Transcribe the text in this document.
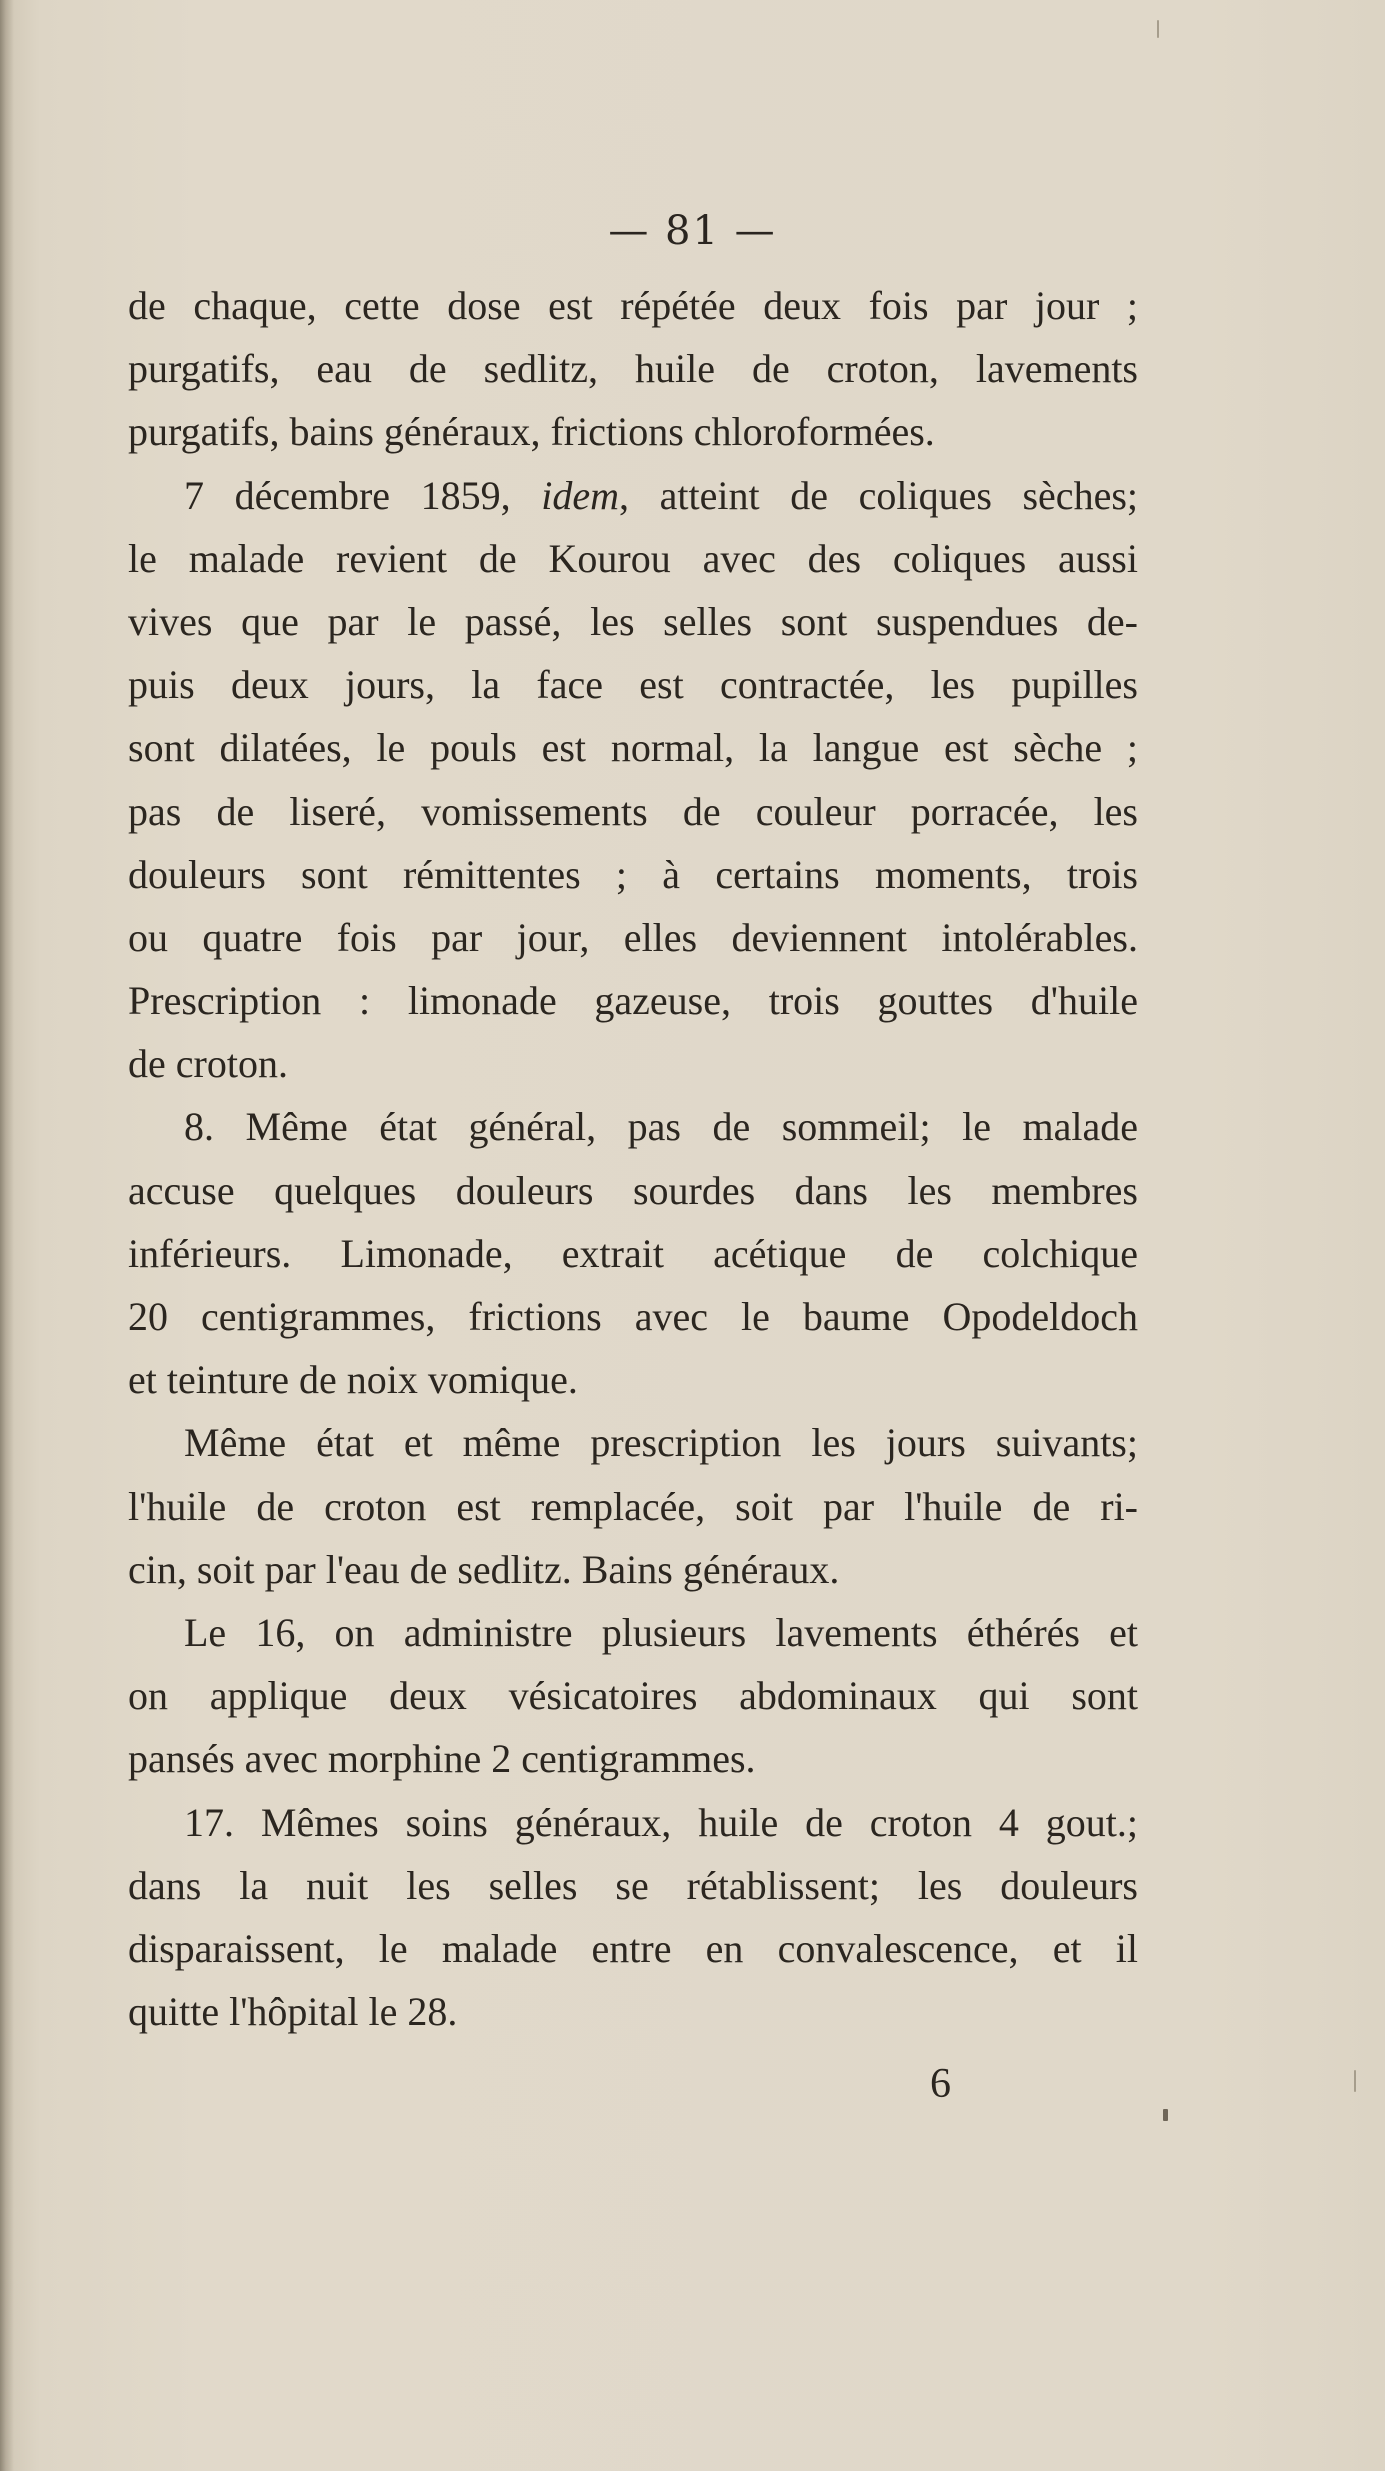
— 81 —
de chaque, cette dose est répétée deux fois par jour ;
purgatifs, eau de sedlitz, huile de croton, lavements
purgatifs, bains généraux, frictions chloroformées.
7 décembre 1859, idem, atteint de coliques sèches;
le malade revient de Kourou avec des coliques aussi
vives que par le passé, les selles sont suspendues de-
puis deux jours, la face est contractée, les pupilles
sont dilatées, le pouls est normal, la langue est sèche ;
pas de liseré, vomissements de couleur porracée, les
douleurs sont rémittentes ; à certains moments, trois
ou quatre fois par jour, elles deviennent intolérables.
Prescription : limonade gazeuse, trois gouttes d'huile
de croton.
8. Même état général, pas de sommeil; le malade
accuse quelques douleurs sourdes dans les membres
inférieurs. Limonade, extrait acétique de colchique
20 centigrammes, frictions avec le baume Opodeldoch
et teinture de noix vomique.
Même état et même prescription les jours suivants;
l'huile de croton est remplacée, soit par l'huile de ri-
cin, soit par l'eau de sedlitz. Bains généraux.
Le 16, on administre plusieurs lavements éthérés et
on applique deux vésicatoires abdominaux qui sont
pansés avec morphine 2 centigrammes.
17. Mêmes soins généraux, huile de croton 4 gout.;
dans la nuit les selles se rétablissent; les douleurs
disparaissent, le malade entre en convalescence, et il
quitte l'hôpital le 28.
6
